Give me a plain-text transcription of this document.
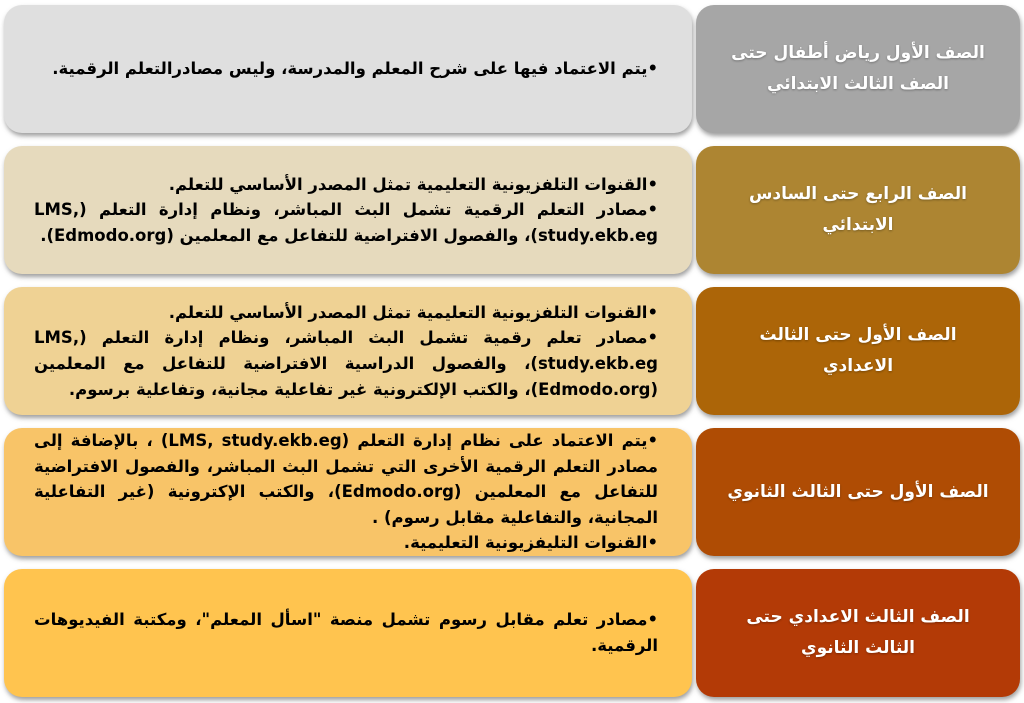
•يتم الاعتماد فيها على شرح المعلم والمدرسة، وليس مصادرالتعلم الرقمية.
الصف الأول رياض أطفال حتى الصف الثالث الابتدائي
•القنوات التلفزيونية التعليمية تمثل المصدر الأساسي للتعلم.
•مصادر التعلم الرقمية تشمل البث المباشر، ونظام إدارة التعلم (LMS, study.ekb.eg)، والفصول الافتراضية للتفاعل مع المعلمين (Edmodo.org).
الصف الرابع حتى السادس الابتدائي
•القنوات التلفزيونية التعليمية تمثل المصدر الأساسي للتعلم.
•مصادر تعلم رقمية تشمل البث المباشر، ونظام إدارة التعلم (LMS, study.ekb.eg)، والفصول الدراسية الافتراضية للتفاعل مع المعلمين (Edmodo.org)، والكتب الإلكترونية غير تفاعلية مجانية، وتفاعلية برسوم.
الصف الأول حتى الثالث الاعدادي
•يتم الاعتماد على نظام إدارة التعلم (LMS, study.ekb.eg) ، بالإضافة إلى مصادر التعلم الرقمية الأخرى التي تشمل البث المباشر، والفصول الافتراضية للتفاعل مع المعلمين (Edmodo.org)، والكتب الإكترونية (غير التفاعلية المجانية، والتفاعلية مقابل رسوم) .
•القنوات التليفزيونية التعليمية.
الصف الأول حتى الثالث الثانوي
•مصادر تعلم مقابل رسوم تشمل منصة "اسأل المعلم"، ومكتبة الفيديوهات الرقمية.
الصف الثالث الاعدادي حتى الثالث الثانوي
